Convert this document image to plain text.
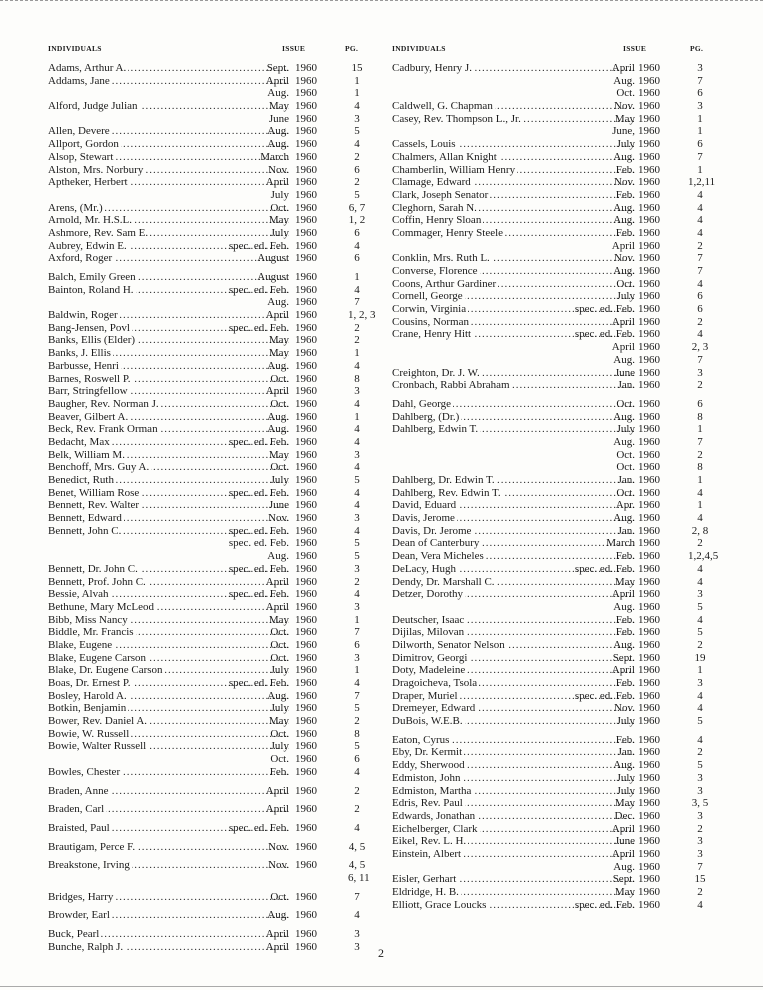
INDIVIDUALS	ISSUE	PG.	INDIVIDUALS	ISSUE	PG.
Adams, Arthur A. .....	Sept. 1960	15
Addams, Jane .....	April 1960	1
Aug. 1960	1
Alford, Judge Julian .....	May 1960	4
June 1960	3
Allen, Devere .....	Aug. 1960	5
Allport, Gordon .....	Aug. 1960	4
Alsop, Stewart .....	March 1960	2
Alston, Mrs. Norbury .....	Nov. 1960	6
Aptheker, Herbert .....	April 1960	2
July 1960	5
Arens, (Mr.) .....	Oct. 1960	6, 7
Arnold, Mr. H.S.L. .....	May 1960	1, 2
Ashmore, Rev. Sam E. .....	July 1960	6
Aubrey, Edwin E. .....	spec. ed. Feb. 1960	4
Axford, Roger .....	August 1960	6
Balch, Emily Green .....	August 1960	1
Bainton, Roland H. .....	spec. ed. Feb. 1960	4
Aug. 1960	7
Baldwin, Roger .....	April 1960	1, 2, 3
Bang-Jensen, Povl .....	spec. ed. Feb. 1960	2
Banks, Ellis (Elder) .....	May 1960	2
Banks, J. Ellis .....	May 1960	1
Barbusse, Henri .....	Aug. 1960	4
Barnes, Roswell P. .....	Oct. 1960	8
Barr, Stringfellow .....	April 1960	3
Baugher, Rev. Norman J. .....	Oct. 1960	4
Beaver, Gilbert A. .....	Aug. 1960	1
Beck, Rev. Frank Orman .....	Aug. 1960	4
Bedacht, Max .....	spec. ed. Feb. 1960	4
Belk, William M. .....	May 1960	3
Benchoff, Mrs. Guy A. .....	Oct. 1960	4
Benedict, Ruth .....	July 1960	5
Benet, William Rose .....	spec. ed. Feb. 1960	4
Bennett, Rev. Walter .....	June 1960	4
Bennett, Edward .....	Nov. 1960	3
Bennett, John C. .....	spec. ed. Feb. 1960	4
spec. ed. Feb. 1960	5
Aug. 1960	5
Bennett, Dr. John C. .....	spec. ed. Feb. 1960	3
Bennett, Prof. John C. .....	April 1960	2
Bessie, Alvah .....	spec. ed. Feb. 1960	4
Bethune, Mary McLeod .....	April 1960	3
Bibb, Miss Nancy .....	May 1960	1
Biddle, Mr. Francis .....	Oct. 1960	7
Blake, Eugene .....	Oct. 1960	6
Blake, Eugene Carson .....	Oct. 1960	3
Blake, Dr. Eugene Carson .....	July 1960	1
Boas, Dr. Ernest P. .....	spec. ed. Feb. 1960	4
Bosley, Harold A. .....	Aug. 1960	7
Botkin, Benjamin .....	July 1960	5
Bower, Rev. Daniel A. .....	May 1960	2
Bowie, W. Russell .....	Oct. 1960	8
Bowie, Walter Russell .....	July 1960	5
Oct. 1960	6
Bowles, Chester .....	Feb. 1960	4
Braden, Anne .....	April 1960	2
Braden, Carl .....	April 1960	2
Braisted, Paul .....	spec. ed. Feb. 1960	4
Brautigam, Perce F. .....	Nov. 1960	4, 5
Breakstone, Irving .....	Nov. 1960	4, 5
6, 11
Bridges, Harry .....	Oct. 1960	7
Browder, Earl .....	Aug. 1960	4
Buck, Pearl .....	April 1960	3
Bunche, Ralph J. .....	April 1960	3
Cadbury, Henry J. .....	April 1960	3
Aug. 1960	7
Oct. 1960	6
Caldwell, G. Chapman .....	Nov. 1960	3
Casey, Rev. Thompson L., Jr. .....	May 1960	1
June, 1960	1
Cassels, Louis .....	July 1960	6
Chalmers, Allan Knight .....	Aug. 1960	7
Chamberlin, William Henry .....	Feb. 1960	1
Clamage, Edward .....	Nov. 1960	1,2,11
Clark, Joseph Senator .....	Feb. 1960	4
Cleghorn, Sarah N. .....	Aug. 1960	4
Coffin, Henry Sloan .....	Aug. 1960	4
Commager, Henry Steele .....	Feb. 1960	4
April 1960	2
Conklin, Mrs. Ruth L. .....	Nov. 1960	7
Converse, Florence .....	Aug. 1960	7
Coons, Arthur Gardiner .....	Oct. 1960	4
Cornell, George .....	July 1960	6
Corwin, Virginia .....	spec. ed. Feb. 1960	6
Cousins, Norman .....	April 1960	2
Crane, Henry Hitt .....	spec. ed. Feb. 1960	4
April 1960	2, 3
Aug. 1960	7
Creighton, Dr. J. W. .....	June 1960	3
Cronbach, Rabbi Abraham .....	Jan. 1960	2
Dahl, George .....	Oct. 1960	6
Dahlberg, (Dr.) .....	Aug. 1960	8
Dahlberg, Edwin T. .....	July 1960	1
Aug. 1960	7
Oct. 1960	2
Oct. 1960	8
Dahlberg, Dr. Edwin T. .....	Jan. 1960	1
Dahlberg, Rev. Edwin T. .....	Oct. 1960	4
David, Eduard .....	Apr. 1960	1
Davis, Jerome .....	Aug. 1960	4
Davis, Dr. Jerome .....	Jan. 1960	2, 8
Dean of Canterbury .....	March 1960	2
Dean, Vera Micheles .....	Feb. 1960	1,2,4,5
DeLacy, Hugh .....	spec. ed. Feb. 1960	4
Dendy, Dr. Marshall C. .....	May 1960	4
Detzer, Dorothy .....	April 1960	3
Aug. 1960	5
Deutscher, Isaac .....	Feb. 1960	4
Dijilas, Milovan .....	Feb. 1960	5
Dilworth, Senator Nelson .....	Aug. 1960	2
Dimitrov, Georgi .....	Sept. 1960	19
Doty, Madeleine .....	April 1960	1
Dragoicheva, Tsola .....	Feb. 1960	3
Draper, Muriel .....	spec. ed. Feb. 1960	4
Dremeyer, Edward .....	Nov. 1960	4
DuBois, W.E.B. .....	July 1960	5
Eaton, Cyrus .....	Feb. 1960	4
Eby, Dr. Kermit .....	Jan. 1960	2
Eddy, Sherwood .....	Aug. 1960	5
Edmiston, John .....	July 1960	3
Edmiston, Martha .....	July 1960	3
Edris, Rev. Paul .....	May 1960	3, 5
Edwards, Jonathan .....	Dec. 1960	3
Eichelberger, Clark .....	April 1960	2
Eikel, Rev. L. H. .....	June 1960	3
Einstein, Albert .....	April 1960	3
Aug. 1960	7
Eisler, Gerhart .....	Sept. 1960	15
Eldridge, H. B. .....	May 1960	2
Elliott, Grace Loucks .....	spec. ed. Feb. 1960	4
2
